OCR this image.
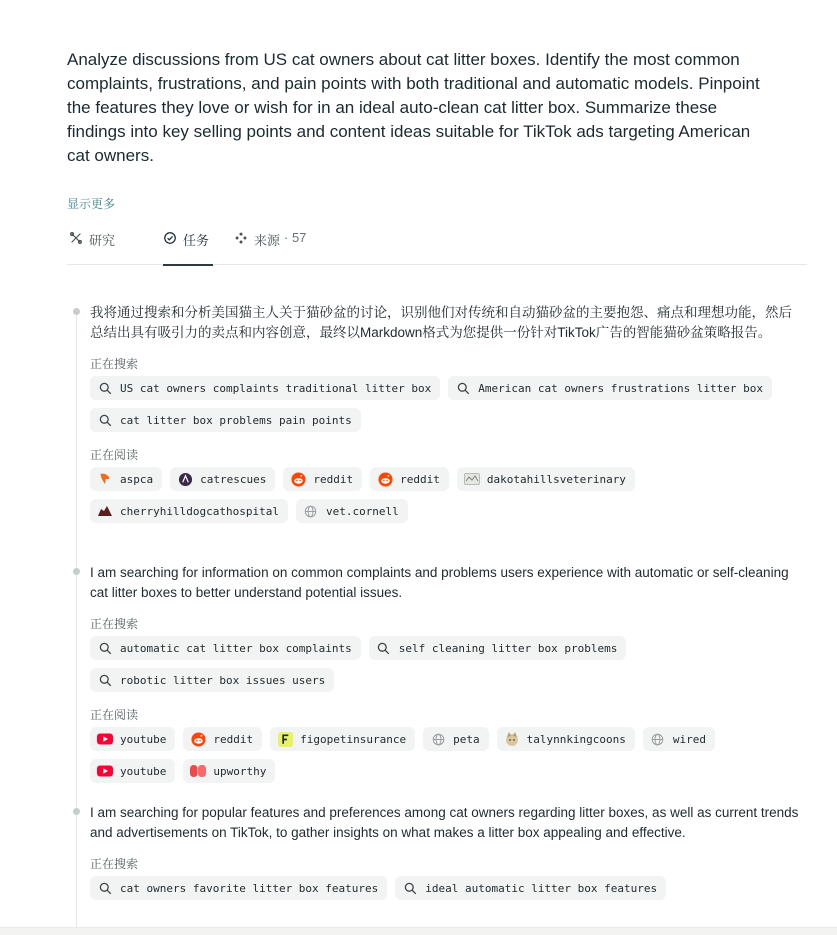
Analyze discussions from US cat owners about cat litter boxes. Identify the most common complaints, frustrations, and pain points with both traditional and automatic models. Pinpoint the features they love or wish for in an ideal auto-clean cat litter box. Summarize these findings into key selling points and content ideas suitable for TikTok ads targeting American cat owners.
显示更多
研究	任务	来源 · 57
我将通过搜索和分析美国猫主人关于猫砂盆的讨论，识别他们对传统和自动猫砂盆的主要抱怨、痛点和理想功能，然后总结出具有吸引力的卖点和内容创意，最终以Markdown格式为您提供一份针对TikTok广告的智能猫砂盆策略报告。
正在搜索
US cat owners complaints traditional litter box	American cat owners frustrations litter box
cat litter box problems pain points
正在阅读
aspca	catrescues	reddit	reddit	dakotahillsveterinary
cherryhilldogcathospital	vet.cornell
I am searching for information on common complaints and problems users experience with automatic or self-cleaning cat litter boxes to better understand potential issues.
正在搜索
automatic cat litter box complaints	self cleaning litter box problems
robotic litter box issues users
正在阅读
youtube	reddit	figopetinsurance	peta	talynnkingcoons	wired
youtube	upworthy
I am searching for popular features and preferences among cat owners regarding litter boxes, as well as current trends and advertisements on TikTok, to gather insights on what makes a litter box appealing and effective.
正在搜索
cat owners favorite litter box features	ideal automatic litter box features
